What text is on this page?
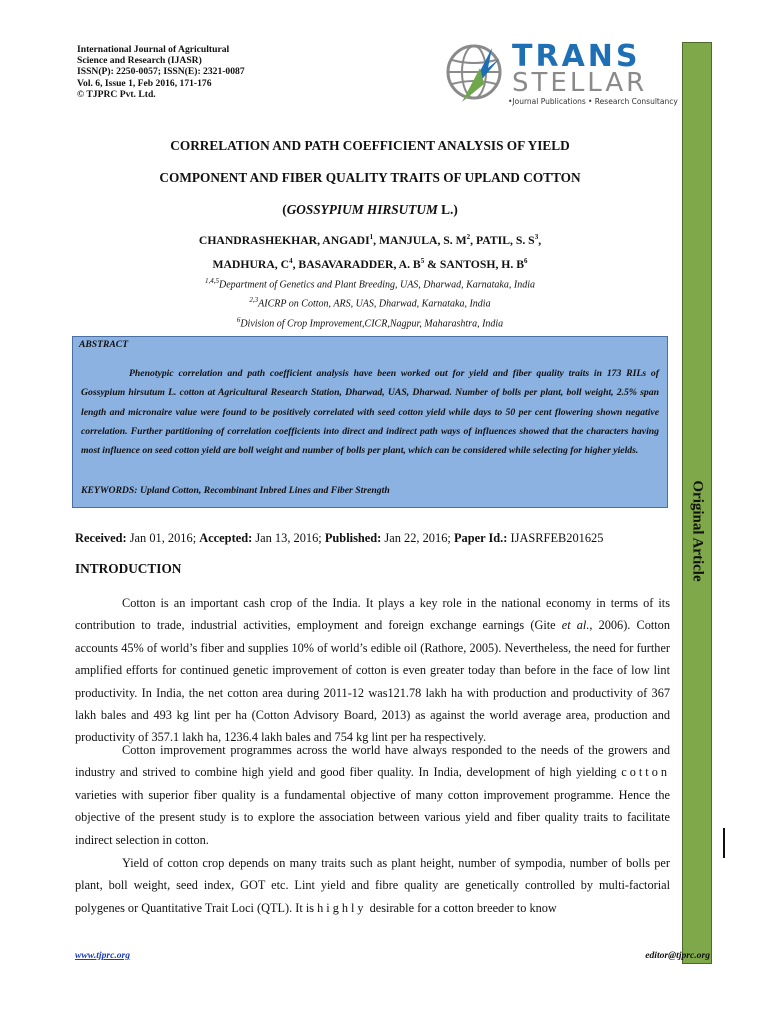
International Journal of Agricultural
Science and Research (IJASR)
ISSN(P): 2250-0057; ISSN(E): 2321-0087
Vol. 6, Issue 1, Feb 2016, 171-176
© TJPRC Pvt. Ltd.
TRANS
STELLAR
•Journal Publications • Research Consultancy
Original Article
CORRELATION AND PATH COEFFICIENT ANALYSIS OF YIELD
COMPONENT AND FIBER QUALITY TRAITS OF UPLAND COTTON
(GOSSYPIUM HIRSUTUM L.)
CHANDRASHEKHAR, ANGADI$^1$, MANJULA, S. $M^2$, PATIL, S. $S^3$,
MADHURA, $C^4$, BASAVARADDER, A. $B^5$ & SANTOSH, H. $B^6$
$^{1,4,5}$Department of Genetics and Plant Breeding, UAS, Dharwad, Karnataka, India
$^{2,3}$AICRP on Cotton, ARS, UAS, Dharwad, Karnataka, India
$^6$Division of Crop Improvement,CICR,Nagpur, Maharashtra, India
ABSTRACT
Phenotypic correlation and path coefficient analysis have been worked out for yield and fiber quality traits in 173 RILs of Gossypium hirsutum L. cotton at Agricultural Research Station, Dharwad, UAS, Dharwad. Number of bolls per plant, boll weight, 2.5% span length and micronaire value were found to be positively correlated with seed cotton yield while days to 50 per cent flowering shown negative correlation. Further partitioning of correlation coefficients into direct and indirect path ways of influences showed that the characters having most influence on seed cotton yield are boll weight and number of bolls per plant, which can be considered while selecting for higher yields.
KEYWORDS: Upland Cotton, Recombinant Inbred Lines and Fiber Strength
Received: Jan 01, 2016; Accepted: Jan 13, 2016; Published: Jan 22, 2016; Paper Id.: IJASRFEB201625
INTRODUCTION
Cotton is an important cash crop of the India. It plays a key role in the national economy in terms of its contribution to trade, industrial activities, employment and foreign exchange earnings (Gite et al., 2006). Cotton accounts 45% of world’s fiber and supplies 10% of world’s edible oil (Rathore, 2005). Nevertheless, the need for further amplified efforts for continued genetic improvement of cotton is even greater today than before in the face of low lint productivity. In India, the net cotton area during 2011-12 was121.78 lakh ha with production and productivity of 367 lakh bales and 493 kg lint per ha (Cotton Advisory Board, 2013) as against the world average area, production and productivity of 357.1 lakh ha, 1236.4 lakh bales and 754 kg lint per ha respectively.
Cotton improvement programmes across the world have always responded to the needs of the growers and industry and strived to combine high yield and good fiber quality. In India, development of high yielding cotton varieties with superior fiber quality is a fundamental objective of many cotton improvement programme. Hence the objective of the present study is to explore the association between various yield and fiber quality traits to facilitate indirect selection in cotton.
Yield of cotton crop depends on many traits such as plant height, number of sympodia, number of bolls per plant, boll weight, seed index, GOT etc. Lint yield and fibre quality are genetically controlled by multi-factorial polygenes or Quantitative Trait Loci (QTL). It is highly desirable for a cotton breeder to know
www.tjprc.org	editor@tjprc.org
